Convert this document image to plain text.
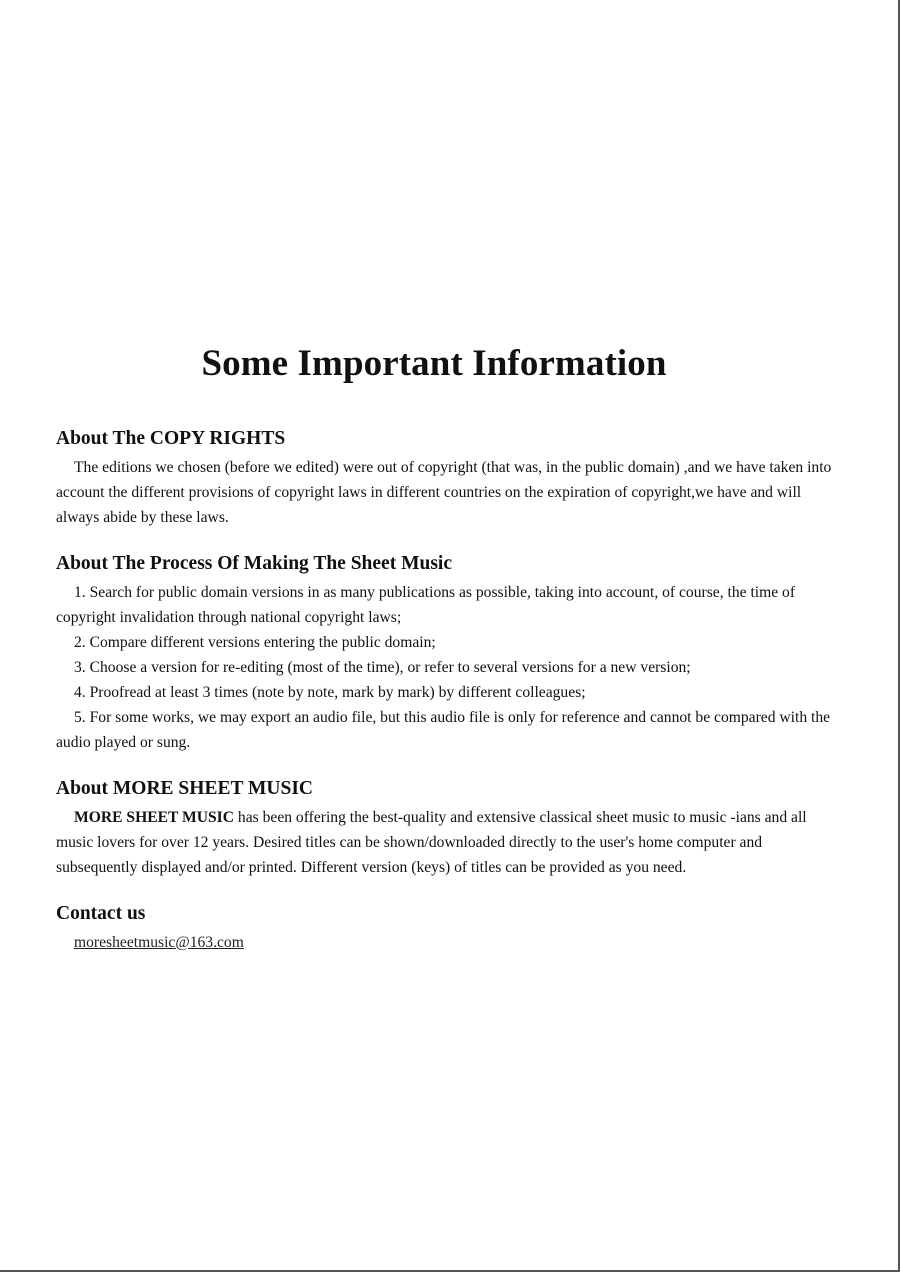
Some Important Information
About The COPY RIGHTS

The editions we chosen (before we edited) were out of copyright (that was, in the public domain) ,and we have taken into account the different provisions of copyright laws in different countries on the expiration of copyright,we have and will always abide by these laws.

About The Process Of Making The Sheet Music

1. Search for public domain versions in as many publications as possible, taking into account, of course, the time of copyright invalidation through national copyright laws;

2. Compare different versions entering the public domain;

3. Choose a version for re-editing (most of the time), or refer to several versions for a new version;

4. Proofread at least 3 times (note by note, mark by mark) by different colleagues;

5. For some works, we may export an audio file, but this audio file is only for reference and cannot be compared with the audio played or sung.

About MORE SHEET MUSIC

MORE SHEET MUSIC has been offering the best-quality and extensive classical sheet music to music -ians and all music lovers for over 12 years. Desired titles can be shown/downloaded directly to the user's home computer and subsequently displayed and/or printed. Different version (keys) of titles can be provided as you need.

Contact us
moresheetmusic@163.com
